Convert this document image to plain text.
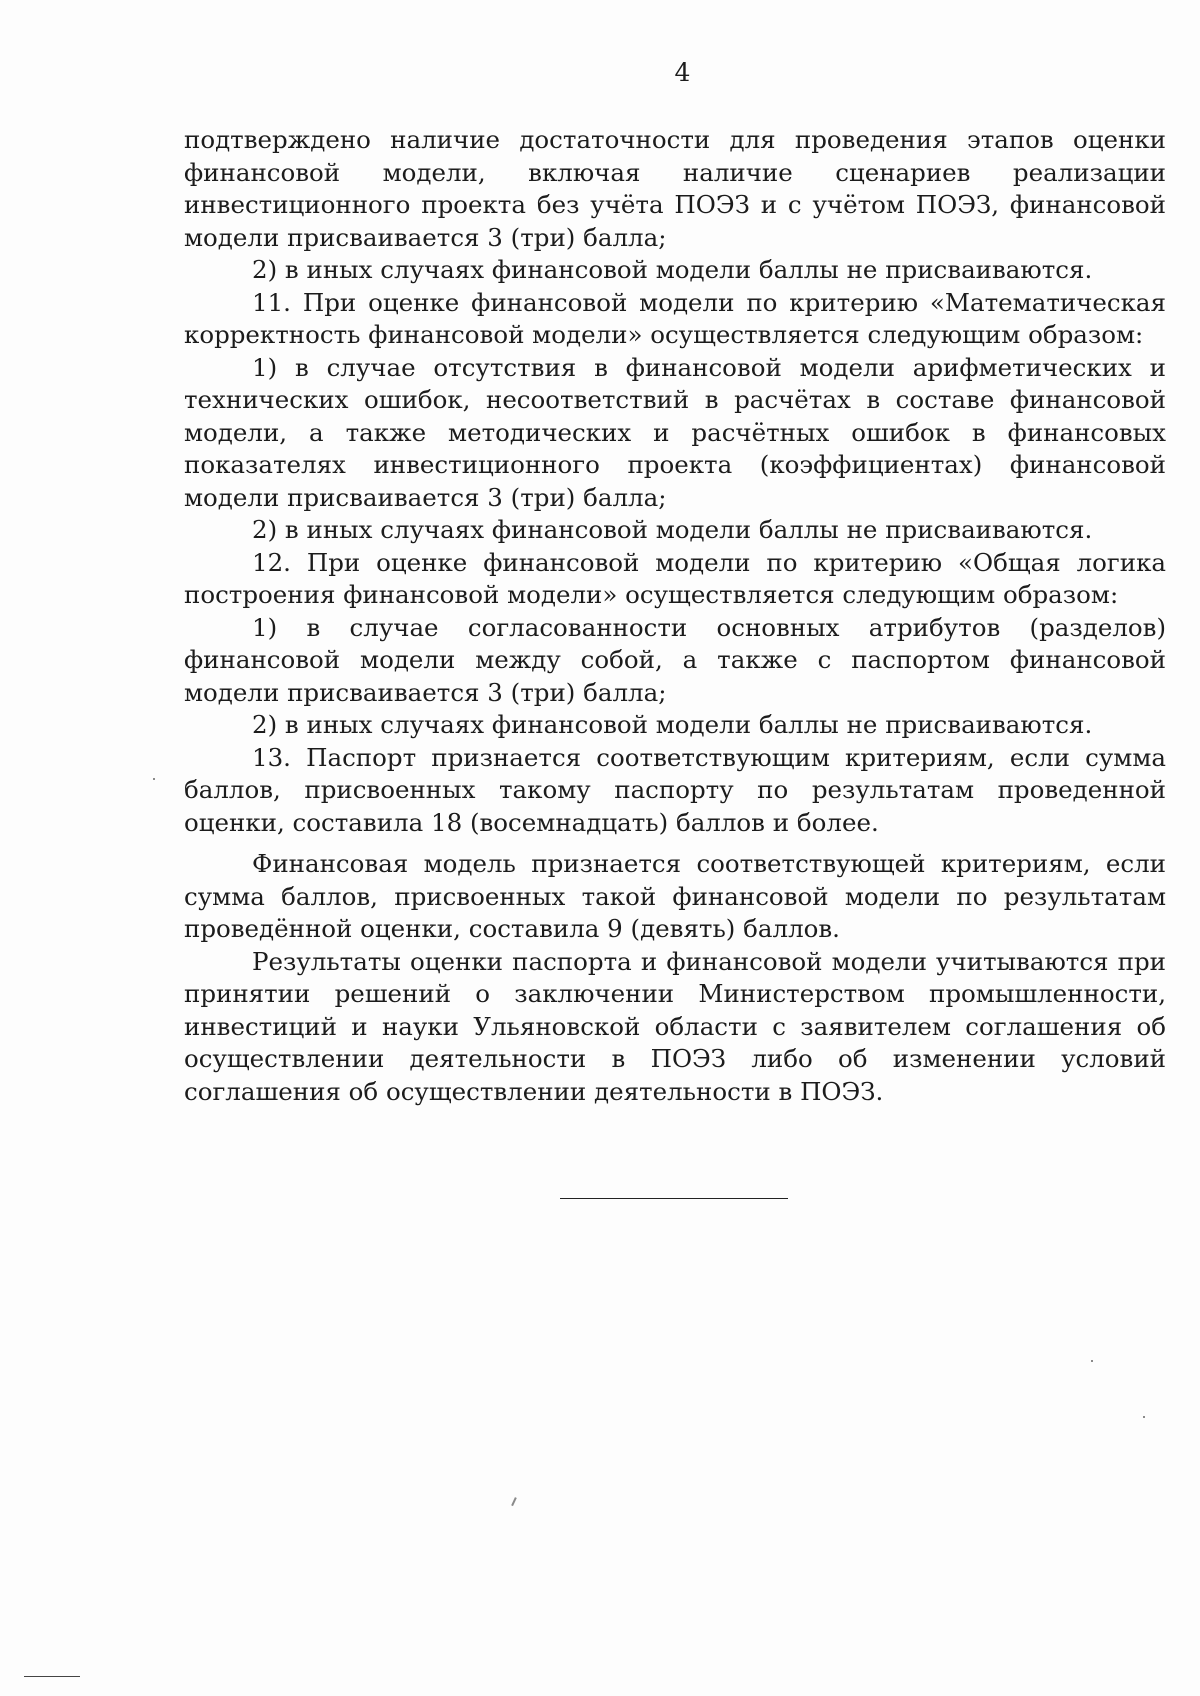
4

подтверждено наличие достаточности для проведения этапов оценки финансовой модели, включая наличие сценариев реализации инвестиционного проекта без учёта ПОЭЗ и с учётом ПОЭЗ, финансовой модели присваивается 3 (три) балла;

2) в иных случаях финансовой модели баллы не присваиваются.

11. При оценке финансовой модели по критерию «Математическая корректность финансовой модели» осуществляется следующим образом:

1) в случае отсутствия в финансовой модели арифметических и технических ошибок, несоответствий в расчётах в составе финансовой модели, а также методических и расчётных ошибок в финансовых показателях инвестиционного проекта (коэффициентах) финансовой модели присваивается 3 (три) балла;

2) в иных случаях финансовой модели баллы не присваиваются.

12. При оценке финансовой модели по критерию «Общая логика построения финансовой модели» осуществляется следующим образом:

1) в случае согласованности основных атрибутов (разделов) финансовой модели между собой, а также с паспортом финансовой модели присваивается 3 (три) балла;

2) в иных случаях финансовой модели баллы не присваиваются.

13. Паспорт признается соответствующим критериям, если сумма баллов, присвоенных такому паспорту по результатам проведенной оценки, составила 18 (восемнадцать) баллов и более.

Финансовая модель признается соответствующей критериям, если сумма баллов, присвоенных такой финансовой модели по результатам проведённой оценки, составила 9 (девять) баллов.

Результаты оценки паспорта и финансовой модели учитываются при принятии решений о заключении Министерством промышленности, инвестиций и науки Ульяновской области с заявителем соглашения об осуществлении деятельности в ПОЭЗ либо об изменении условий соглашения об осуществлении деятельности в ПОЭЗ.
